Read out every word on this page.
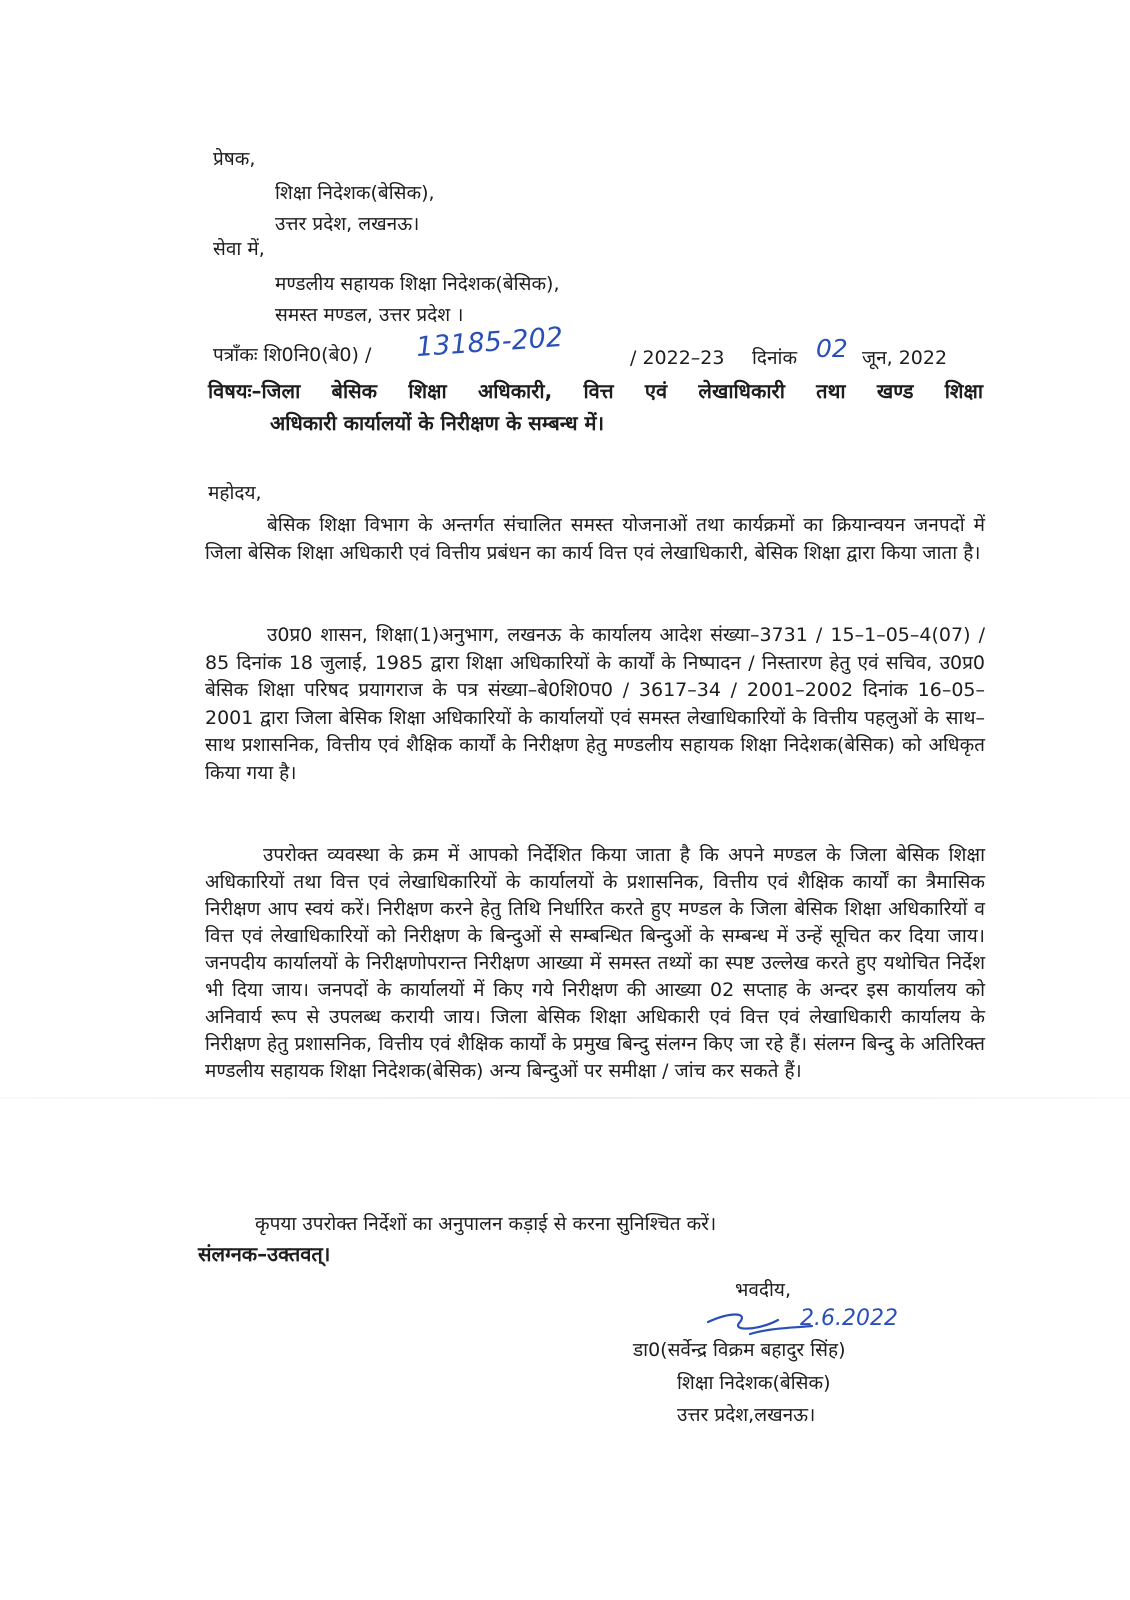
प्रेषक,
शिक्षा निदेशक(बेसिक),
उत्तर प्रदेश, लखनऊ।
सेवा में,
मण्डलीय सहायक शिक्षा निदेशक(बेसिक),
समस्त मण्डल, उत्तर प्रदेश ।
पत्राँकः शि0नि0(बे0) / 13185-202	/ 2022–23 दिनांक 02 जून, 2022
विषयः–जिला बेसिक शिक्षा अधिकारी, वित्त एवं लेखाधिकारी तथा खण्ड शिक्षा
अधिकारी कार्यालयों के निरीक्षण के सम्बन्ध में।
महोदय,

बेसिक शिक्षा विभाग के अन्तर्गत संचालित समस्त योजनाओं तथा कार्यक्रमों का क्रियान्वयन जनपदों में जिला बेसिक शिक्षा अधिकारी एवं वित्तीय प्रबंधन का कार्य वित्त एवं लेखाधिकारी, बेसिक शिक्षा द्वारा किया जाता है।

उ0प्र0 शासन, शिक्षा(1)अनुभाग, लखनऊ के कार्यालय आदेश संख्या–3731 / 15–1–05–4(07) / 85 दिनांक 18 जुलाई, 1985 द्वारा शिक्षा अधिकारियों के कार्यों के निष्पादन / निस्तारण हेतु एवं सचिव, उ0प्र0 बेसिक शिक्षा परिषद प्रयागराज के पत्र संख्या–बे0शि0प0 / 3617–34 / 2001–2002 दिनांक 16–05–2001 द्वारा जिला बेसिक शिक्षा अधिकारियों के कार्यालयों एवं समस्त लेखाधिकारियों के वित्तीय पहलुओं के साथ–साथ प्रशासनिक, वित्तीय एवं शैक्षिक कार्यों के निरीक्षण हेतु मण्डलीय सहायक शिक्षा निदेशक(बेसिक) को अधिकृत किया गया है।

उपरोक्त व्यवस्था के क्रम में आपको निर्देशित किया जाता है कि अपने मण्डल के जिला बेसिक शिक्षा अधिकारियों तथा वित्त एवं लेखाधिकारियों के कार्यालयों के प्रशासनिक, वित्तीय एवं शैक्षिक कार्यों का त्रैमासिक निरीक्षण आप स्वयं करें। निरीक्षण करने हेतु तिथि निर्धारित करते हुए मण्डल के जिला बेसिक शिक्षा अधिकारियों व वित्त एवं लेखाधिकारियों को निरीक्षण के बिन्दुओं से सम्बन्धित बिन्दुओं के सम्बन्ध में उन्हें सूचित कर दिया जाय। जनपदीय कार्यालयों के निरीक्षणोपरान्त निरीक्षण आख्या में समस्त तथ्यों का स्पष्ट उल्लेख करते हुए यथोचित निर्देश भी दिया जाय। जनपदों के कार्यालयों में किए गये निरीक्षण की आख्या 02 सप्ताह के अन्दर इस कार्यालय को अनिवार्य रूप से उपलब्ध करायी जाय। जिला बेसिक शिक्षा अधिकारी एवं वित्त एवं लेखाधिकारी कार्यालय के निरीक्षण हेतु प्रशासनिक, वित्तीय एवं शैक्षिक कार्यों के प्रमुख बिन्दु संलग्न किए जा रहे हैं। संलग्न बिन्दु के अतिरिक्त मण्डलीय सहायक शिक्षा निदेशक(बेसिक) अन्य बिन्दुओं पर समीक्षा / जांच कर सकते हैं।

कृपया उपरोक्त निर्देशों का अनुपालन कड़ाई से करना सुनिश्चित करें।

संलग्नक–उक्तवत्।
भवदीय,
2.6.2022
डा0(सर्वेन्द्र विक्रम बहादुर सिंह)
शिक्षा निदेशक(बेसिक)
उत्तर प्रदेश,लखनऊ।
